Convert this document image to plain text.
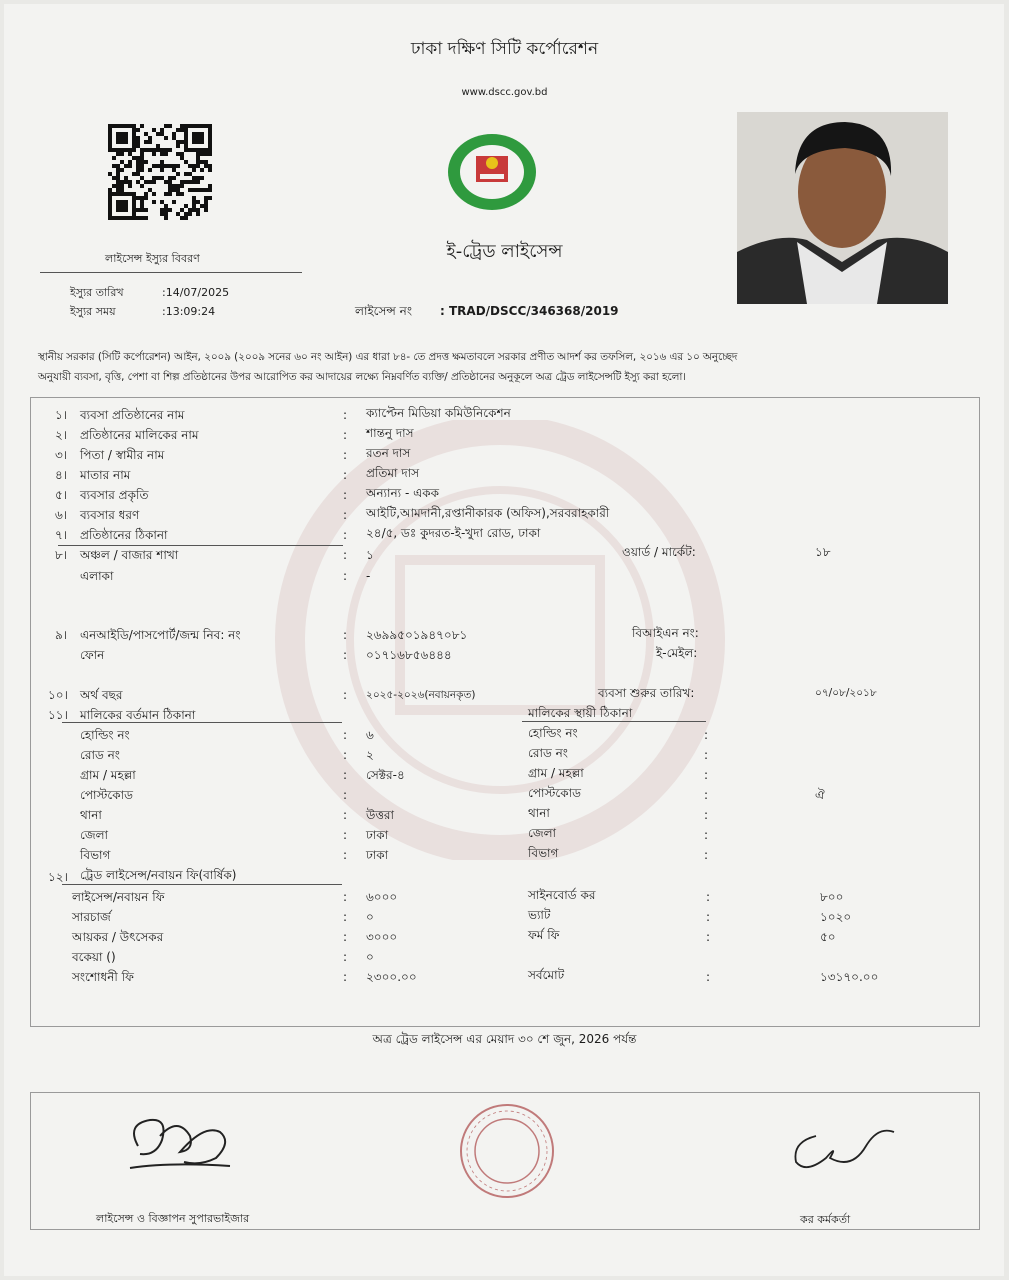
ঢাকা দক্ষিণ সিটি কর্পোরেশন
www.dscc.gov.bd
ই-ট্রেড লাইসেন্স
লাইসেন্স ইস্যুর বিবরণ
ইস্যুর তারিখ	:14/07/2025
ইস্যুর সময়	:13:09:24	লাইসেন্স নং : TRAD/DSCC/346368/2019
স্থানীয় সরকার (সিটি কর্পোরেশন) আইন, ২০০৯ (২০০৯ সনের ৬০ নং আইন) এর ধারা ৮৪- তে প্রদত্ত ক্ষমতাবলে সরকার প্রণীত আদর্শ কর তফসিল, ২০১৬ এর ১০ অনুচ্ছেদ
অনুযায়ী ব্যবসা, বৃত্তি, পেশা বা শিল্প প্রতিষ্ঠানের উপর আরোপিত কর আদায়ের লক্ষ্যে নিম্নবর্ণিত ব্যক্তি/ প্রতিষ্ঠানের অনুকূলে অত্র ট্রেড লাইসেন্সটি ইস্যু করা হলো।
১। ব্যবসা প্রতিষ্ঠানের নাম	: ক্যাপ্টেন মিডিয়া কমিউনিকেশন
২। প্রতিষ্ঠানের মালিকের নাম	: শান্তনু দাস
৩। পিতা / স্বামীর নাম	: রতন দাস
৪। মাতার নাম	: প্রতিমা দাস
৫। ব্যবসার প্রকৃতি	: অন্যান্য - একক
৬। ব্যবসার ধরণ	: আইটি,আমদানী,রপ্তানীকারক (অফিস),সরবরাহকারী
৭। প্রতিষ্ঠানের ঠিকানা	: ২৪/৫, ডঃ কুদরত-ই-খুদা রোড, ঢাকা
৮। অঞ্চল / বাজার শাখা	: ১	ওয়ার্ড / মার্কেট:	১৮
এলাকা	: -
৯। এনআইডি/পাসপোর্ট/জন্ম নিব: নং	: ২৬৯৯৫০১৯৪৭০৮১	বিআইএন নং:
ফোন	: ০১৭১৬৮৫৬৪৪৪	ই-মেইল:
১০। অর্থ বছর	: ২০২৫-২০২৬(নবায়নকৃত)	ব্যবসা শুরুর তারিখ:	০৭/০৮/২০১৮
১১। মালিকের বর্তমান ঠিকানা	মালিকের স্থায়ী ঠিকানা
হোল্ডিং নং	: ৬	হোল্ডিং নং	:
রোড নং	: ২	রোড নং	:
গ্রাম / মহল্লা	: সেক্টর-৪	গ্রাম / মহল্লা	:
পোস্টকোড	:	পোস্টকোড	:	ঐ
থানা	: উত্তরা	থানা	:
জেলা	: ঢাকা	জেলা	:
বিভাগ	: ঢাকা	বিভাগ	:
১২। ট্রেড লাইসেন্স/নবায়ন ফি(বার্ষিক)
লাইসেন্স/নবায়ন ফি	: ৬০০০	সাইনবোর্ড কর	:	৮০০
সারচার্জ	: ০	ভ্যাট	:	১০২০
আয়কর / উৎসেকর	: ৩০০০	ফর্ম ফি	:	৫০
বকেয়া ()	: ০
সংশোধনী ফি	: ২৩০০.০০	সর্বমোট	:	১৩১৭০.০০
অত্র ট্রেড লাইসেন্স এর মেয়াদ ৩০ শে জুন, 2026 পর্যন্ত
লাইসেন্স ও বিজ্ঞাপন সুপারভাইজার	কর কর্মকর্তা
